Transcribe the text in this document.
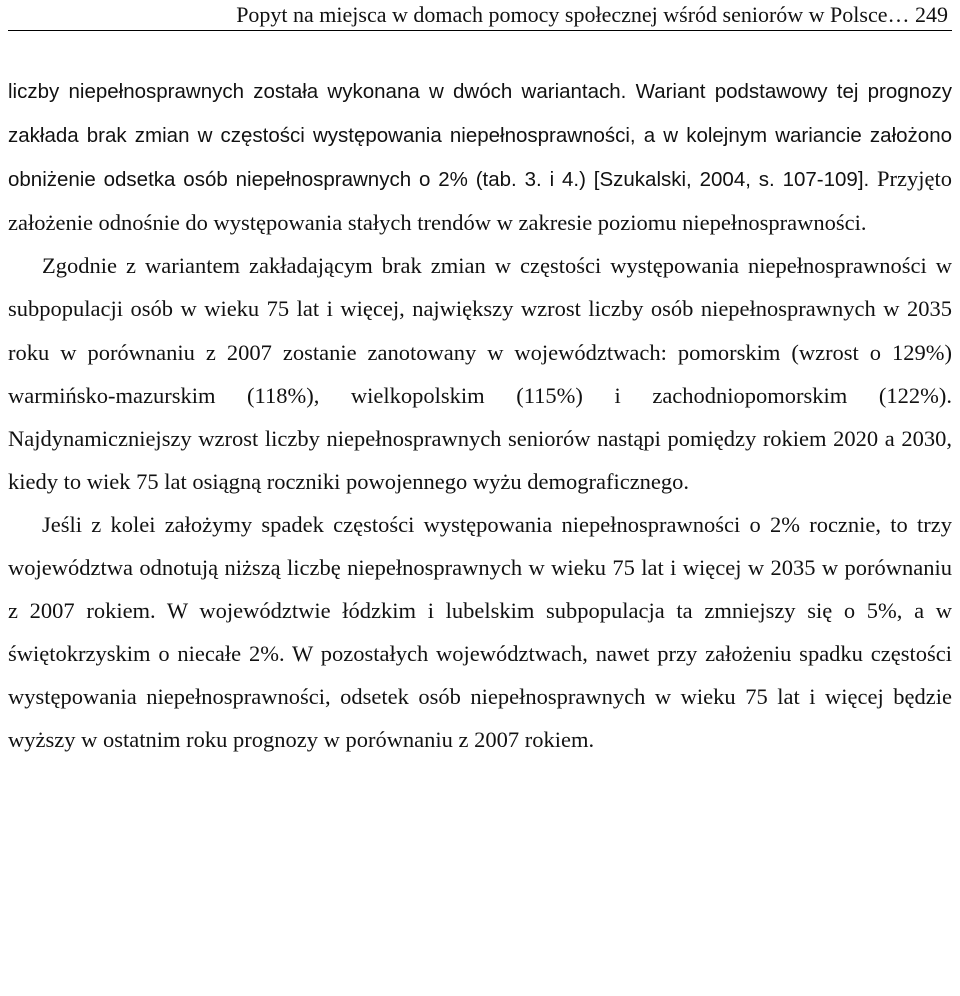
Popyt na miejsca w domach pomocy społecznej wśród seniorów w Polsce… 249

liczby niepełnosprawnych została wykonana w dwóch wariantach. Wariant podstawowy tej prognozy zakłada brak zmian w częstości występowania niepełnosprawności, a w kolejnym wariancie założono obniżenie odsetka osób niepełnosprawnych o 2% (tab. 3. i 4.) [Szukalski, 2004, s. 107-109]. Przyjęto założenie odnośnie do występowania stałych trendów w zakresie poziomu niepełnosprawności.

Zgodnie z wariantem zakładającym brak zmian w częstości występowania niepełnosprawności w subpopulacji osób w wieku 75 lat i więcej, największy wzrost liczby osób niepełnosprawnych w 2035 roku w porównaniu z 2007 zostanie zanotowany w województwach: pomorskim (wzrost o 129%) warmińsko-mazurskim (118%), wielkopolskim (115%) i zachodniopomorskim (122%). Najdynamiczniejszy wzrost liczby niepełnosprawnych seniorów nastąpi pomiędzy rokiem 2020 a 2030, kiedy to wiek 75 lat osiągną roczniki powojennego wyżu demograficznego.

Jeśli z kolei założymy spadek częstości występowania niepełnosprawności o 2% rocznie, to trzy województwa odnotują niższą liczbę niepełnosprawnych w wieku 75 lat i więcej w 2035 w porównaniu z 2007 rokiem. W województwie łódzkim i lubelskim subpopulacja ta zmniejszy się o 5%, a w świętokrzyskim o niecałe 2%. W pozostałych województwach, nawet przy założeniu spadku częstości występowania niepełnosprawności, odsetek osób niepełnosprawnych w wieku 75 lat i więcej będzie wyższy w ostatnim roku prognozy w porównaniu z 2007 rokiem.
